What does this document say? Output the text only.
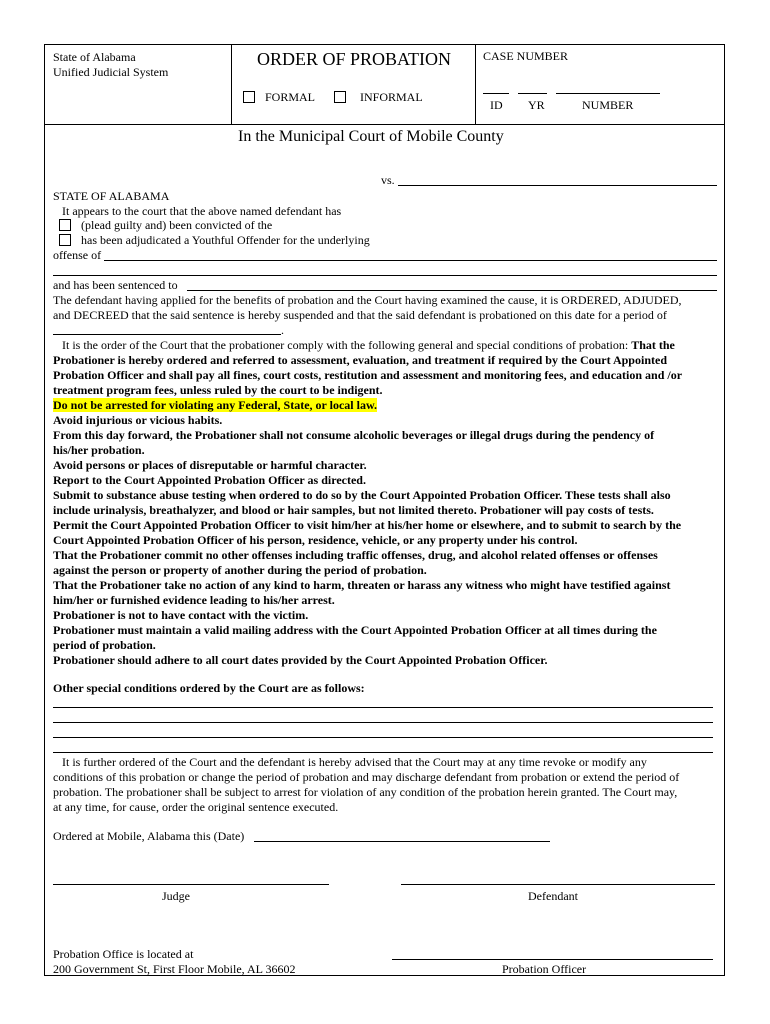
State of Alabama
Unified Judicial System
ORDER OF PROBATION
FORMAL	INFORMAL
CASE NUMBER
ID YR	NUMBER
In the Municipal Court of Mobile County
vs.
STATE OF ALABAMA
It appears to the court that the above named defendant has
(plead guilty and) been convicted of the
has been adjudicated a Youthful Offender for the underlying
offense of
and has been sentenced to
The defendant having applied for the benefits of probation and the Court having examined the cause, it is ORDERED, ADJUDED,
and DECREED that the said sentence is hereby suspended and that the said defendant is probationed on this date for a period of
.
It is the order of the Court that the probationer comply with the following general and special conditions of probation: That the
Probationer is hereby ordered and referred to assessment, evaluation, and treatment if required by the Court Appointed
Probation Officer and shall pay all fines, court costs, restitution and assessment and monitoring fees, and education and /or
treatment program fees, unless ruled by the court to be indigent.
Do not be arrested for violating any Federal, State, or local law.
Avoid injurious or vicious habits.
From this day forward, the Probationer shall not consume alcoholic beverages or illegal drugs during the pendency of
his/her probation.
Avoid persons or places of disreputable or harmful character.
Report to the Court Appointed Probation Officer as directed.
Submit to substance abuse testing when ordered to do so by the Court Appointed Probation Officer. These tests shall also
include urinalysis, breathalyzer, and blood or hair samples, but not limited thereto. Probationer will pay costs of tests.
Permit the Court Appointed Probation Officer to visit him/her at his/her home or elsewhere, and to submit to search by the
Court Appointed Probation Officer of his person, residence, vehicle, or any property under his control.
That the Probationer commit no other offenses including traffic offenses, drug, and alcohol related offenses or offenses
against the person or property of another during the period of probation.
That the Probationer take no action of any kind to harm, threaten or harass any witness who might have testified against
him/her or furnished evidence leading to his/her arrest.
Probationer is not to have contact with the victim.
Probationer must maintain a valid mailing address with the Court Appointed Probation Officer at all times during the
period of probation.
Probationer should adhere to all court dates provided by the Court Appointed Probation Officer.
Other special conditions ordered by the Court are as follows:
It is further ordered of the Court and the defendant is hereby advised that the Court may at any time revoke or modify any
conditions of this probation or change the period of probation and may discharge defendant from probation or extend the period of
probation. The probationer shall be subject to arrest for violation of any condition of the probation herein granted. The Court may,
at any time, for cause, order the original sentence executed.
Ordered at Mobile, Alabama this (Date)
Judge	Defendant
Probation Office is located at
200 Government St, First Floor Mobile, AL 36602	Probation Officer
